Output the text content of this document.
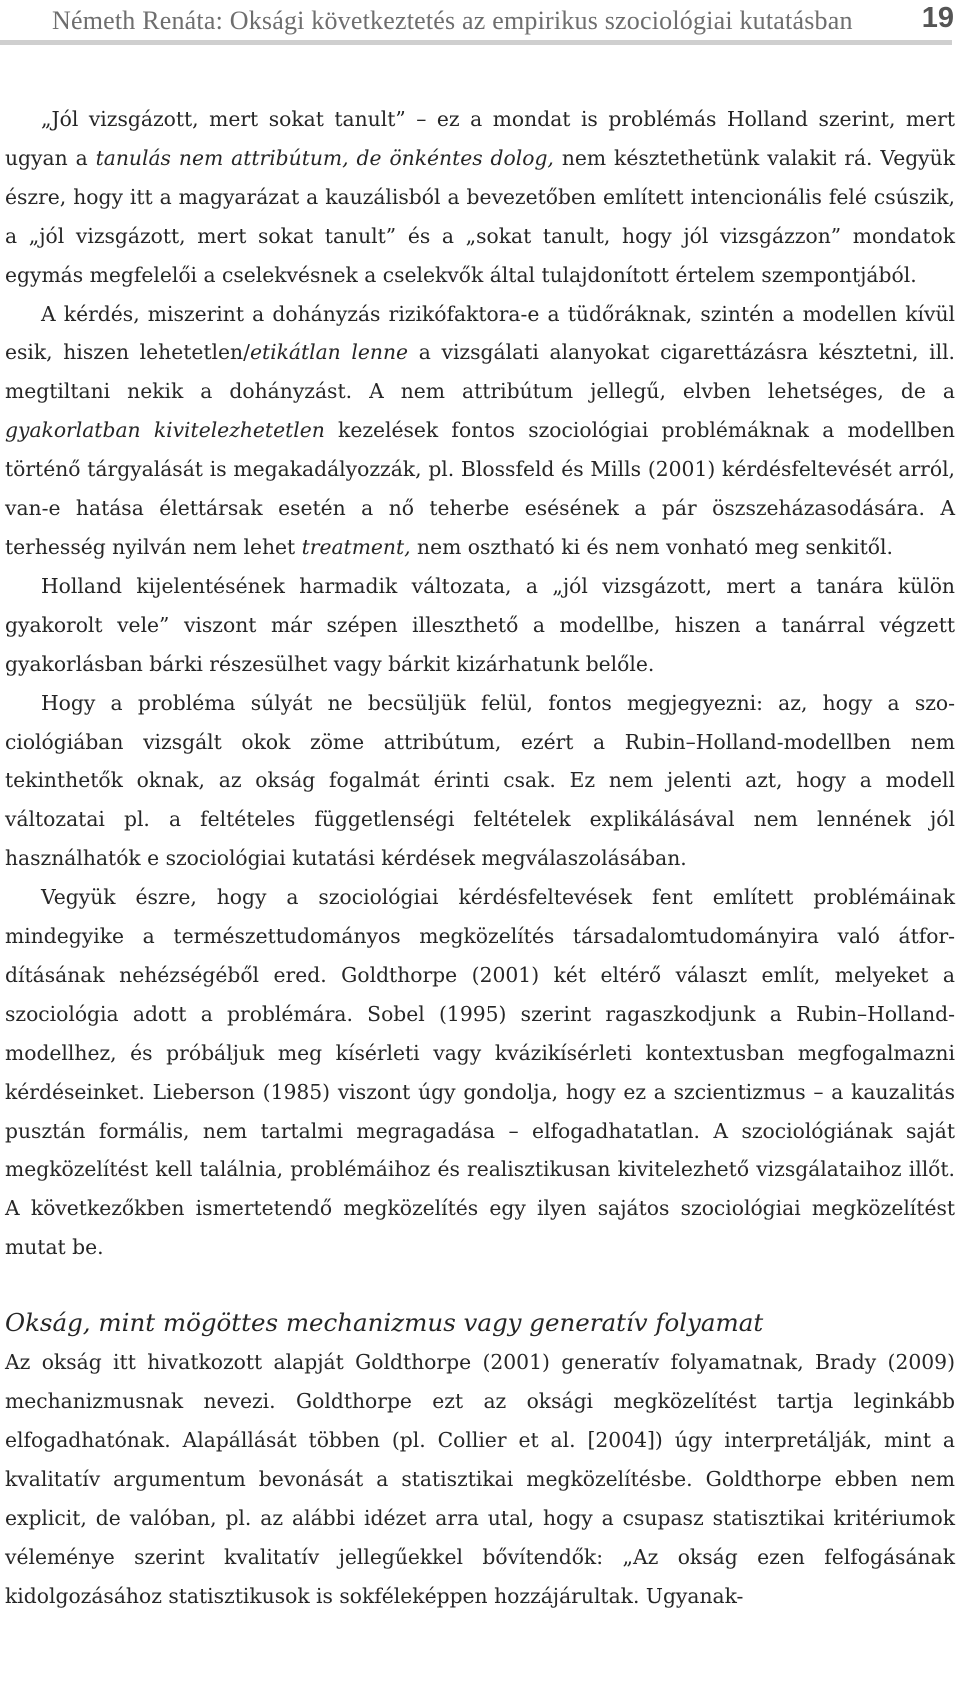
Németh Renáta: Oksági következtetés az empirikus szociológiai kutatásban 19

„Jól vizsgázott, mert sokat tanult” – ez a mondat is problémás Holland szerint, mert ugyan a tanulás nem attribútum, de önkéntes dolog, nem késztethetünk valakit rá. Vegyük észre, hogy itt a magyarázat a kauzálisból a bevezetőben említett intencionális felé csúszik, a „jól vizsgázott, mert sokat tanult” és a „sokat tanult, hogy jól vizsgázzon” mondatok egymás megfelelői a cselekvésnek a cselekvők által tulajdonított értelem szempontjából.

A kérdés, miszerint a dohányzás rizikófaktora-e a tüdőráknak, szintén a modellen kívül esik, hiszen lehetetlen/etikátlan lenne a vizsgálati alanyokat cigarettázásra késztetni, ill. megtiltani nekik a dohányzást. A nem attribútum jellegű, elvben lehetséges, de a gyakorlatban kivitelezhetetlen kezelések fontos szociológiai problémáknak a modellben történő tárgyalását is megakadályozzák, pl. Blossfeld és Mills (2001) kérdésfeltevését arról, van-e hatása élettársak esetén a nő teherbe esésének a pár öszszeházasodására. A terhesség nyilván nem lehet treatment, nem osztható ki és nem vonható meg senkitől.

Holland kijelentésének harmadik változata, a „jól vizsgázott, mert a tanára külön gyakorolt vele” viszont már szépen illeszthető a modellbe, hiszen a tanárral végzett gyakorlásban bárki részesülhet vagy bárkit kizárhatunk belőle.

Hogy a probléma súlyát ne becsüljük felül, fontos megjegyezni: az, hogy a szociológiában vizsgált okok zöme attribútum, ezért a Rubin–Holland-modellben nem tekinthetők oknak, az okság fogalmát érinti csak. Ez nem jelenti azt, hogy a modell változatai pl. a feltételes függetlenségi feltételek explikálásával nem lennének jól használhatók e szociológiai kutatási kérdések megválaszolásában.

Vegyük észre, hogy a szociológiai kérdésfeltevések fent említett problémáinak mindegyike a természettudományos megközelítés társadalomtudományira való átfordításának nehézségéből ered. Goldthorpe (2001) két eltérő választ említ, melyeket a szociológia adott a problémára. Sobel (1995) szerint ragaszkodjunk a Rubin–Holland-modellhez, és próbáljuk meg kísérleti vagy kvázikísérleti kontextusban megfogalmazni kérdéseinket. Lieberson (1985) viszont úgy gondolja, hogy ez a szcientizmus – a kauzalitás pusztán formális, nem tartalmi megragadása – elfogadhatatlan. A szociológiának saját megközelítést kell találnia, problémáihoz és realisztikusan kivitelezhető vizsgálataihoz illőt. A következőkben ismertetendő megközelítés egy ilyen sajátos szociológiai megközelítést mutat be.

Okság, mint mögöttes mechanizmus vagy generatív folyamat

Az okság itt hivatkozott alapját Goldthorpe (2001) generatív folyamatnak, Brady (2009) mechanizmusnak nevezi. Goldthorpe ezt az oksági megközelítést tartja leginkább elfogadhatónak. Alapállását többen (pl. Collier et al. [2004]) úgy interpretálják, mint a kvalitatív argumentum bevonását a statisztikai megközelítésbe. Goldthorpe ebben nem explicit, de valóban, pl. az alábbi idézet arra utal, hogy a csupasz statisztikai kritériumok véleménye szerint kvalitatív jellegűekkel bővítendők: „Az okság ezen felfogásának kidolgozásához statisztikusok is sokféleképpen hozzájárultak. Ugyanak-
